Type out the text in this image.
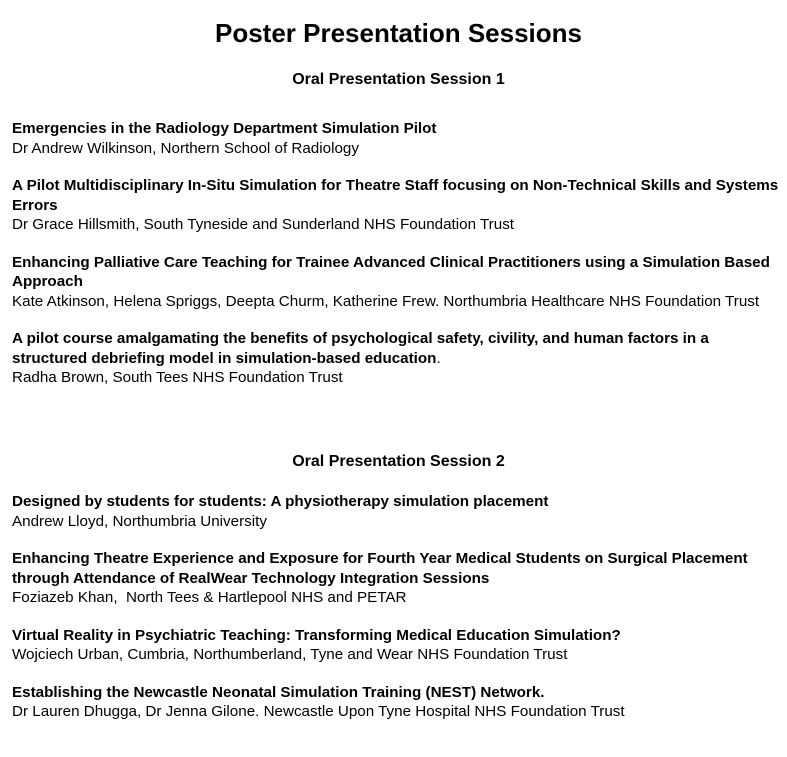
Poster Presentation Sessions
Oral Presentation Session 1
Emergencies in the Radiology Department Simulation Pilot
Dr Andrew Wilkinson, Northern School of Radiology
A Pilot Multidisciplinary In-Situ Simulation for Theatre Staff focusing on Non-Technical Skills and Systems Errors
Dr Grace Hillsmith, South Tyneside and Sunderland NHS Foundation Trust
Enhancing Palliative Care Teaching for Trainee Advanced Clinical Practitioners using a Simulation Based Approach
Kate Atkinson, Helena Spriggs, Deepta Churm, Katherine Frew. Northumbria Healthcare NHS Foundation Trust
A pilot course amalgamating the benefits of psychological safety, civility, and human factors in a structured debriefing model in simulation-based education.
Radha Brown, South Tees NHS Foundation Trust
Oral Presentation Session 2
Designed by students for students: A physiotherapy simulation placement
Andrew Lloyd, Northumbria University
Enhancing Theatre Experience and Exposure for Fourth Year Medical Students on Surgical Placement through Attendance of RealWear Technology Integration Sessions
Foziazeb Khan,  North Tees & Hartlepool NHS and PETAR
Virtual Reality in Psychiatric Teaching: Transforming Medical Education Simulation?
Wojciech Urban, Cumbria, Northumberland, Tyne and Wear NHS Foundation Trust
Establishing the Newcastle Neonatal Simulation Training (NEST) Network.
Dr Lauren Dhugga, Dr Jenna Gilone. Newcastle Upon Tyne Hospital NHS Foundation Trust
